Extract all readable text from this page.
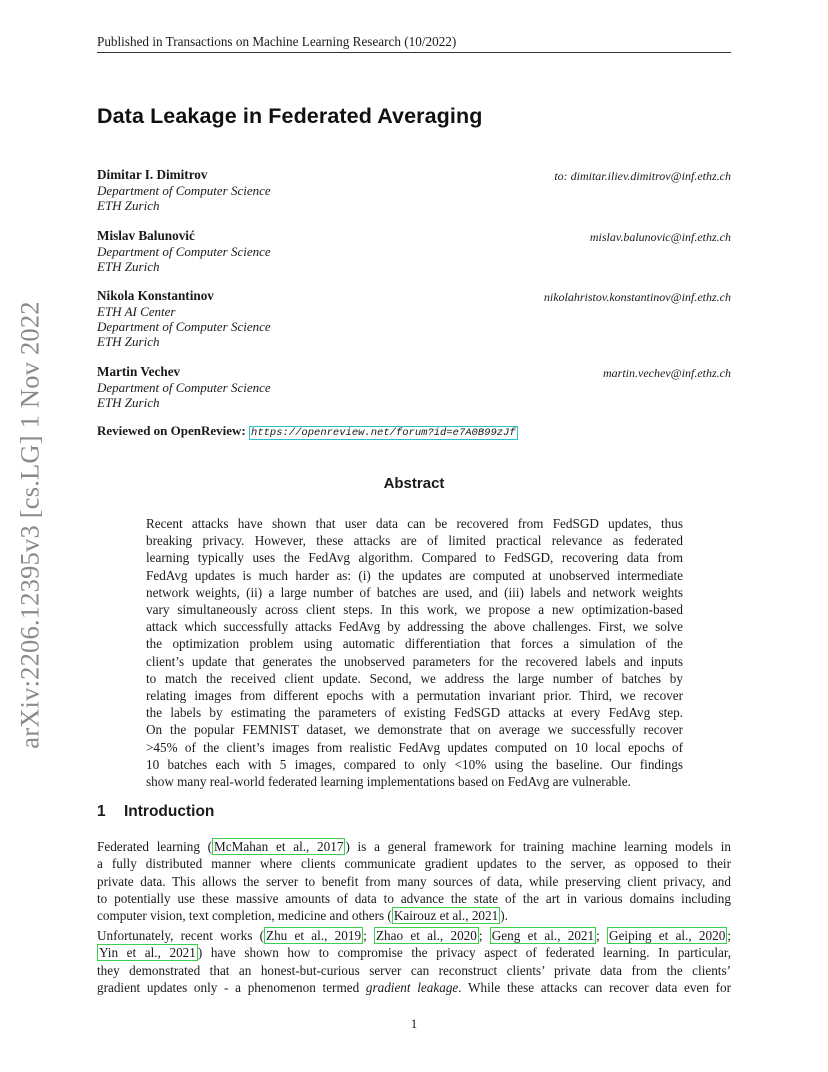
Published in Transactions on Machine Learning Research (10/2022)
Data Leakage in Federated Averaging
Dimitar I. Dimitrov
Department of Computer Science
ETH Zurich
to: dimitar.iliev.dimitrov@inf.ethz.ch
Mislav Balunović
Department of Computer Science
ETH Zurich
mislav.balunovic@inf.ethz.ch
Nikola Konstantinov
ETH AI Center
Department of Computer Science
ETH Zurich
nikolahristov.konstantinov@inf.ethz.ch
Martin Vechev
Department of Computer Science
ETH Zurich
martin.vechev@inf.ethz.ch
arXiv:2206.12395v3 [cs.LG] 1 Nov 2022	Reviewed on OpenReview: https://openreview.net/forum?id=e7A0B99zJf
Abstract
Recent attacks have shown that user data can be recovered from FedSGD updates, thus
breaking privacy. However, these attacks are of limited practical relevance as federated
learning typically uses the FedAvg algorithm. Compared to FedSGD, recovering data from
FedAvg updates is much harder as: (i) the updates are computed at unobserved intermediate
network weights, (ii) a large number of batches are used, and (iii) labels and network weights
vary simultaneously across client steps. In this work, we propose a new optimization-based
attack which successfully attacks FedAvg by addressing the above challenges. First, we solve
the optimization problem using automatic differentiation that forces a simulation of the
client’s update that generates the unobserved parameters for the recovered labels and inputs
to match the received client update. Second, we address the large number of batches by
relating images from different epochs with a permutation invariant prior. Third, we recover
the labels by estimating the parameters of existing FedSGD attacks at every FedAvg step.
On the popular FEMNIST dataset, we demonstrate that on average we successfully recover
>45% of the client’s images from realistic FedAvg updates computed on 10 local epochs of
10 batches each with 5 images, compared to only <10% using the baseline. Our findings
show many real-world federated learning implementations based on FedAvg are vulnerable.
1 Introduction
Federated learning ( McMahan et al., 2017 ) is a general framework for training machine learning models in
a fully distributed manner where clients communicate gradient updates to the server, as opposed to their
private data. This allows the server to benefit from many sources of data, while preserving client privacy, and
to potentially use these massive amounts of data to advance the state of the art in various domains including
computer vision, text completion, medicine and others ( Kairouz et al., 2021 ).
Unfortunately, recent works ( Zhu et al., 2019 ; Zhao et al., 2020 ; Geng et al., 2021 ; Geiping et al., 2020 ;
Yin et al., 2021 ) have shown how to compromise the privacy aspect of federated learning. In particular,
they demonstrated that an honest-but-curious server can reconstruct clients’ private data from the clients’
gradient updates only - a phenomenon termed gradient leakage. While these attacks can recover data even for
1
